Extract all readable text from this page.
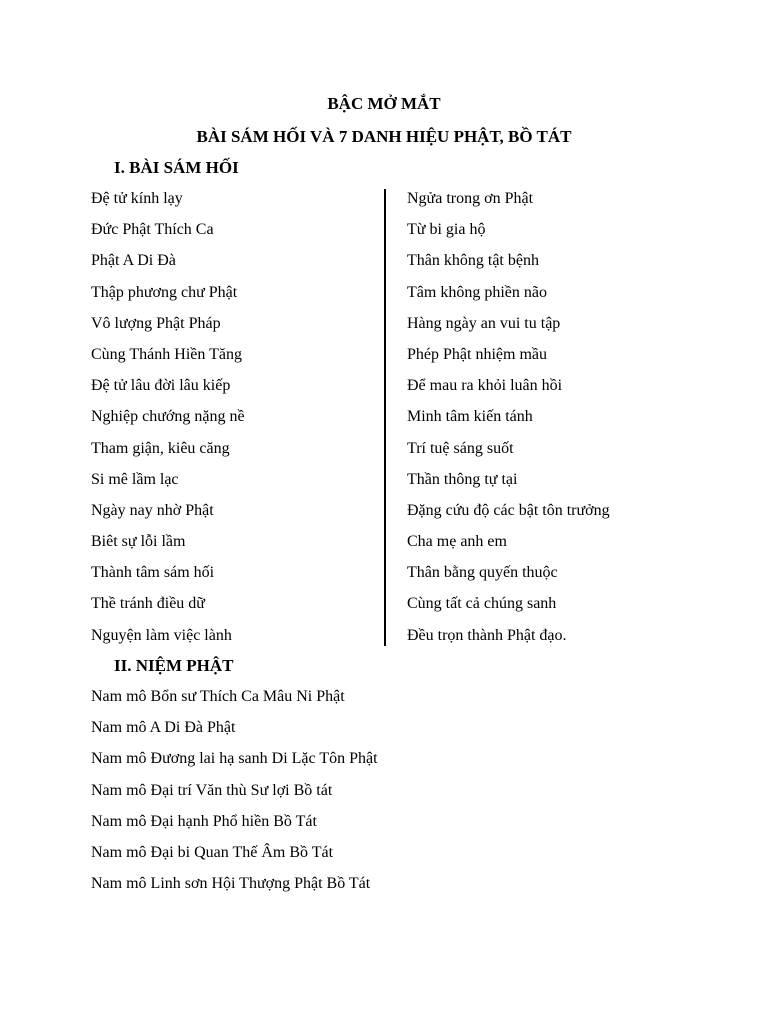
BẬC MỞ MẮT
BÀI SÁM HỐI VÀ 7 DANH HIỆU PHẬT, BỒ TÁT
I. BÀI SÁM HỐI
Đệ tử kính lạy
Đức Phật Thích Ca
Phật A Di Đà
Thập phương chư Phật
Vô lượng Phật Pháp
Cùng Thánh Hiền Tăng
Đệ tử lâu đời lâu kiếp
Nghiệp chướng nặng nề
Tham giận, kiêu căng
Si mê lầm lạc
Ngày nay nhờ Phật
Biêt sự lỗi lầm
Thành tâm sám hối
Thề tránh điều dữ
Nguyện làm việc lành
Ngửa trong ơn Phật
Từ bi gia hộ
Thân không tật bệnh
Tâm không phiền não
Hàng ngày an vui tu tập
Phép Phật nhiệm mầu
Để mau ra khỏi luân hồi
Minh tâm kiến tánh
Trí tuệ sáng suốt
Thần thông tự tại
Đặng cứu độ các bật tôn trưởng
Cha mẹ anh em
Thân bằng quyến thuộc
Cùng tất cả chúng sanh
Đều trọn thành Phật đạo.
II. NIỆM PHẬT
Nam mô Bổn sư Thích Ca Mâu Ni Phật
Nam mô A Di Đà Phật
Nam mô Đương lai hạ sanh Di Lặc Tôn Phật
Nam mô Đại trí Văn thù Sư lợi Bồ tát
Nam mô Đại hạnh Phổ hiền Bồ Tát
Nam mô Đại bi Quan Thế Âm Bồ Tát
Nam mô Linh sơn Hội Thượng Phật Bồ Tát
